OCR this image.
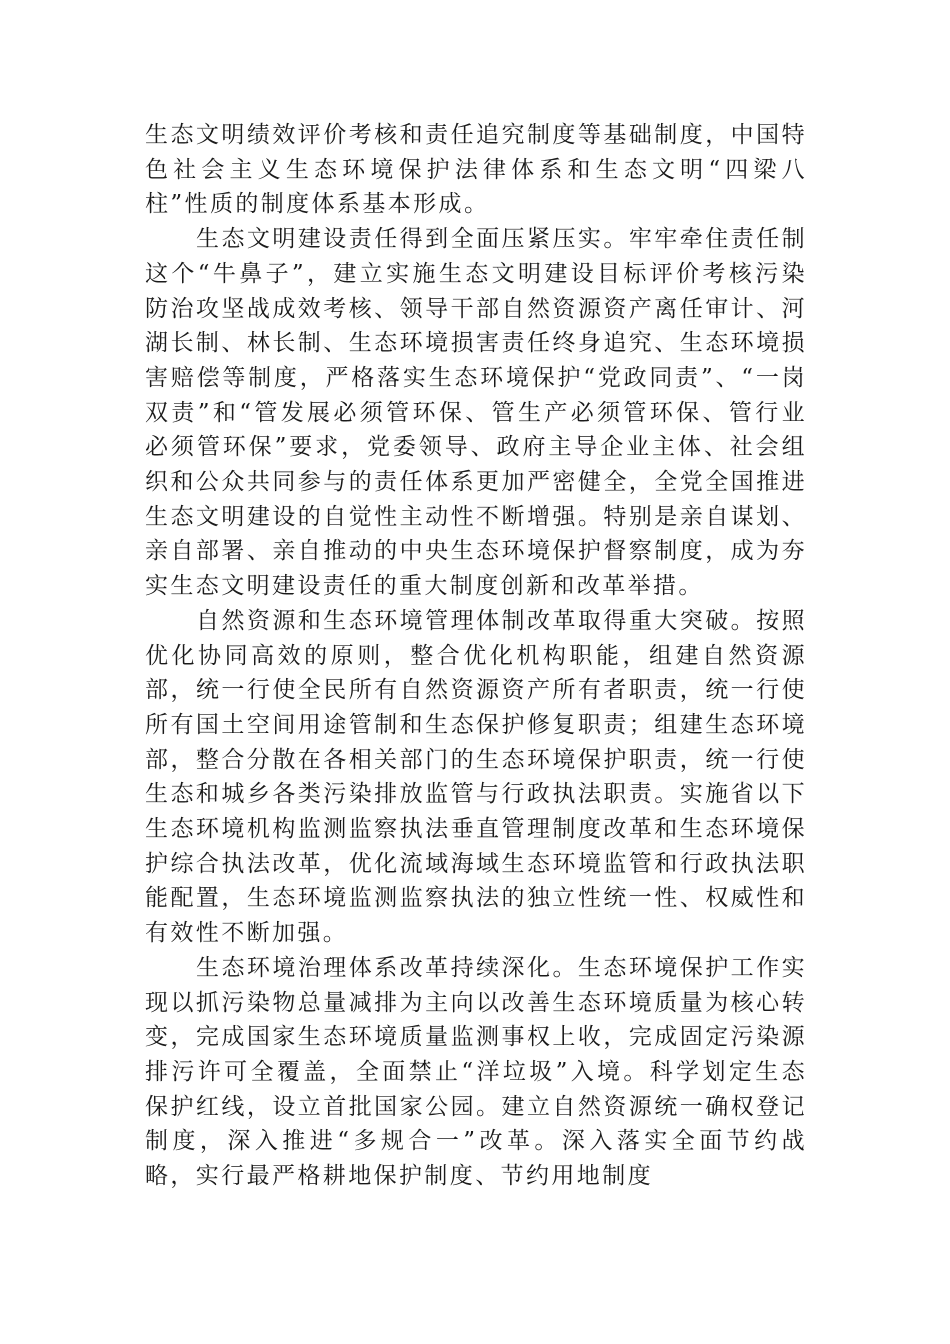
生态文明绩效评价考核和责任追究制度等基础制度，中国特色社会主义生态环境保护法律体系和生态文明“四梁八柱”性质的制度体系基本形成。

生态文明建设责任得到全面压紧压实。牢牢牵住责任制这个“牛鼻子”，建立实施生态文明建设目标评价考核污染防治攻坚战成效考核、领导干部自然资源资产离任审计、河湖长制、林长制、生态环境损害责任终身追究、生态环境损害赔偿等制度，严格落实生态环境保护“党政同责”、“一岗双责”和“管发展必须管环保、管生产必须管环保、管行业必须管环保”要求，党委领导、政府主导企业主体、社会组织和公众共同参与的责任体系更加严密健全，全党全国推进生态文明建设的自觉性主动性不断增强。特别是亲自谋划、亲自部署、亲自推动的中央生态环境保护督察制度，成为夯实生态文明建设责任的重大制度创新和改革举措。

自然资源和生态环境管理体制改革取得重大突破。按照优化协同高效的原则，整合优化机构职能，组建自然资源部，统一行使全民所有自然资源资产所有者职责，统一行使所有国土空间用途管制和生态保护修复职责；组建生态环境部，整合分散在各相关部门的生态环境保护职责，统一行使生态和城乡各类污染排放监管与行政执法职责。实施省以下生态环境机构监测监察执法垂直管理制度改革和生态环境保护综合执法改革，优化流域海域生态环境监管和行政执法职能配置，生态环境监测监察执法的独立性统一性、权威性和有效性不断加强。

生态环境治理体系改革持续深化。生态环境保护工作实现以抓污染物总量减排为主向以改善生态环境质量为核心转变，完成国家生态环境质量监测事权上收，完成固定污染源排污许可全覆盖，全面禁止“洋垃圾”入境。科学划定生态保护红线，设立首批国家公园。建立自然资源统一确权登记制度，深入推进“多规合一”改革。深入落实全面节约战略，实行最严格耕地保护制度、节约用地制度
